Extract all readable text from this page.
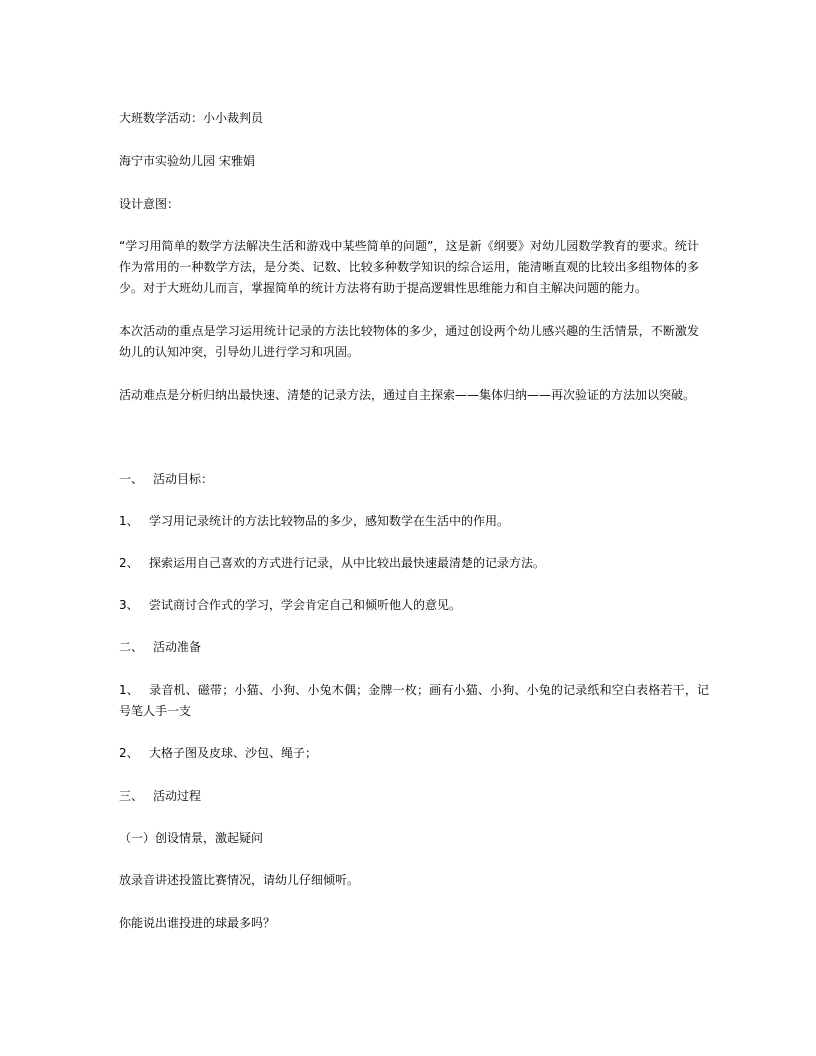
大班数学活动：小小裁判员

海宁市实验幼儿园 宋雅娟

设计意图：

“学习用简单的数学方法解决生活和游戏中某些简单的问题”，这是新《纲要》对幼儿园数学教育的要求。统计作为常用的一种数学方法，是分类、记数、比较多种数学知识的综合运用，能清晰直观的比较出多组物体的多少。对于大班幼儿而言，掌握简单的统计方法将有助于提高逻辑性思维能力和自主解决问题的能力。

本次活动的重点是学习运用统计记录的方法比较物体的多少，通过创设两个幼儿感兴趣的生活情景，不断激发幼儿的认知冲突，引导幼儿进行学习和巩固。

活动难点是分析归纳出最快速、清楚的记录方法，通过自主探索——集体归纳——再次验证的方法加以突破。

一、 活动目标：

1、 学习用记录统计的方法比较物品的多少，感知数学在生活中的作用。

2、 探索运用自己喜欢的方式进行记录，从中比较出最快速最清楚的记录方法。

3、 尝试商讨合作式的学习，学会肯定自己和倾听他人的意见。

二、 活动准备

1、 录音机、磁带；小猫、小狗、小兔木偶；金牌一枚；画有小猫、小狗、小兔的记录纸和空白表格若干，记号笔人手一支

2、 大格子图及皮球、沙包、绳子；

三、 活动过程

（一）创设情景，激起疑问

放录音讲述投篮比赛情况，请幼儿仔细倾听。

你能说出谁投进的球最多吗？
